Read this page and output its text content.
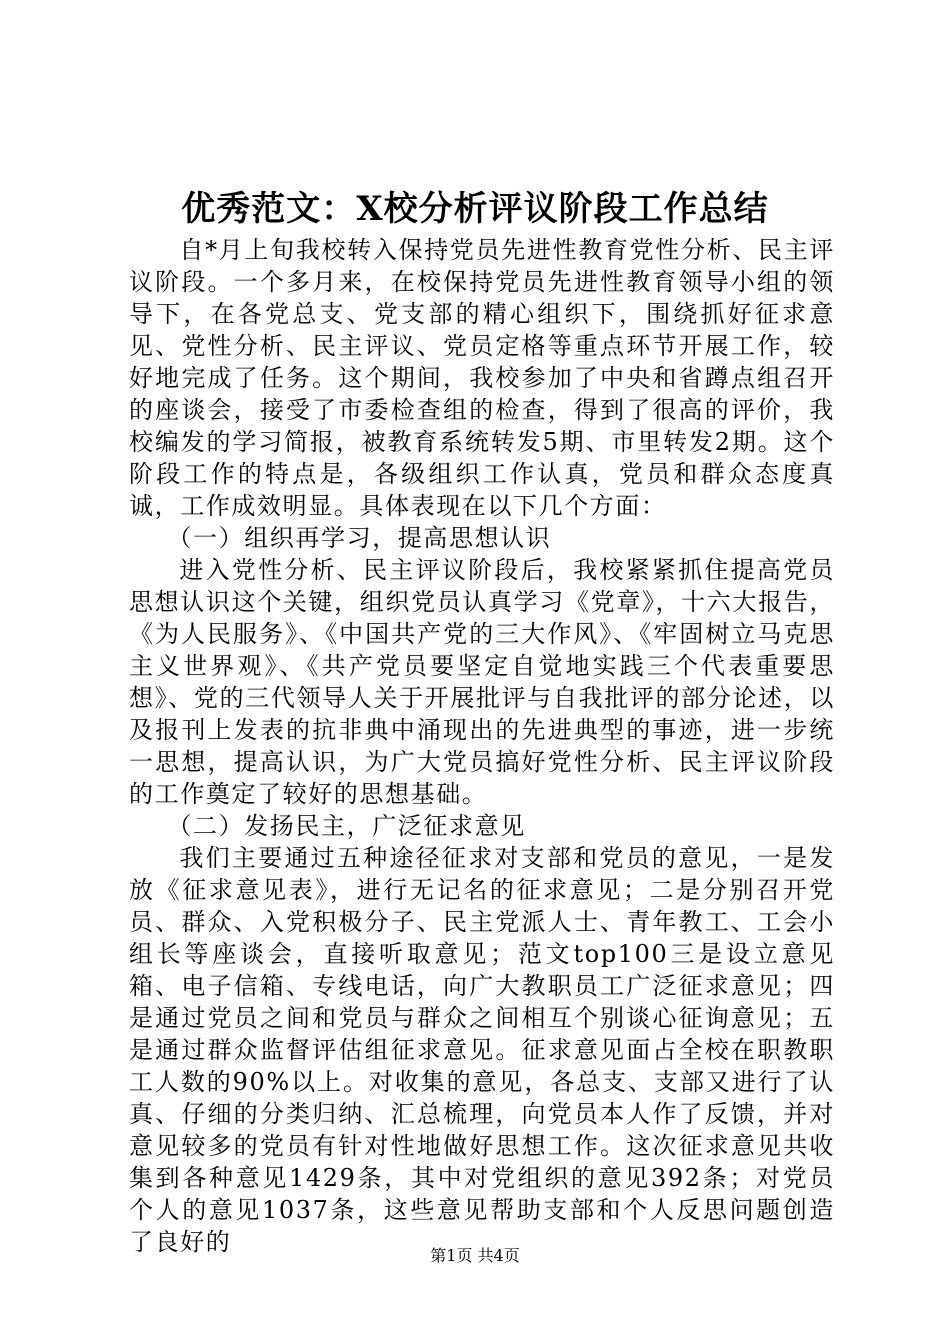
优秀范文：X校分析评议阶段工作总结

自*月上旬我校转入保持党员先进性教育党性分析、民主评议阶段。一个多月来，在校保持党员先进性教育领导小组的领导下，在各党总支、党支部的精心组织下，围绕抓好征求意见、党性分析、民主评议、党员定格等重点环节开展工作，较好地完成了任务。这个期间，我校参加了中央和省蹲点组召开的座谈会，接受了市委检查组的检查，得到了很高的评价，我校编发的学习简报，被教育系统转发5期、市里转发2期。这个阶段工作的特点是，各级组织工作认真，党员和群众态度真诚，工作成效明显。具体表现在以下几个方面：

（一）组织再学习，提高思想认识

进入党性分析、民主评议阶段后，我校紧紧抓住提高党员思想认识这个关键，组织党员认真学习《党章》，十六大报告，《为人民服务》、《中国共产党的三大作风》、《牢固树立马克思主义世界观》、《共产党员要坚定自觉地实践三个代表重要思想》、党的三代领导人关于开展批评与自我批评的部分论述，以及报刊上发表的抗非典中涌现出的先进典型的事迹，进一步统一思想，提高认识，为广大党员搞好党性分析、民主评议阶段的工作奠定了较好的思想基础。

（二）发扬民主，广泛征求意见

我们主要通过五种途径征求对支部和党员的意见，一是发放《征求意见表》，进行无记名的征求意见；二是分别召开党员、群众、入党积极分子、民主党派人士、青年教工、工会小组长等座谈会，直接听取意见；范文top100三是设立意见箱、电子信箱、专线电话，向广大教职员工广泛征求意见；四是通过党员之间和党员与群众之间相互个别谈心征询意见；五是通过群众监督评估组征求意见。征求意见面占全校在职教职工人数的90%以上。对收集的意见，各总支、支部又进行了认真、仔细的分类归纳、汇总梳理，向党员本人作了反馈，并对意见较多的党员有针对性地做好思想工作。这次征求意见共收集到各种意见1429条，其中对党组织的意见392条；对党员个人的意见1037条，这些意见帮助支部和个人反思问题创造了良好的	第1页 共4页
